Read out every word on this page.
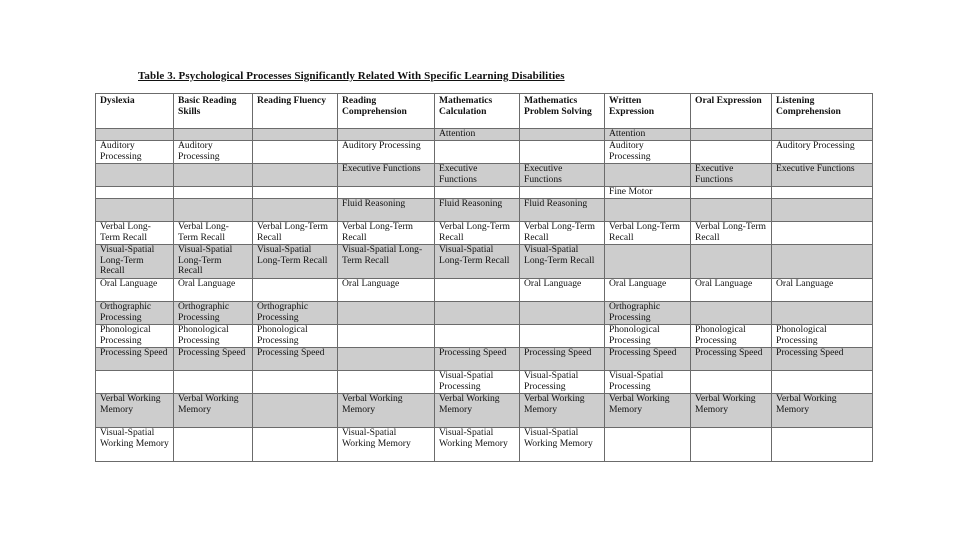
Table 3. Psychological Processes Significantly Related With Specific Learning Disabilities
Dyslexia	Basic Reading Skills	Reading Fluency	Reading Comprehension	Mathematics Calculation	Mathematics Problem Solving	Written Expression	Oral Expression	Listening Comprehension
				Attention		Attention		
Auditory Processing	Auditory Processing		Auditory Processing			Auditory Processing		Auditory Processing
			Executive Functions	Executive Functions	Executive Functions		Executive Functions	Executive Functions
						Fine Motor		
			Fluid Reasoning	Fluid Reasoning	Fluid Reasoning			
Verbal Long-Term Recall	Verbal Long-Term Recall	Verbal Long-Term Recall	Verbal Long-Term Recall	Verbal Long-Term Recall	Verbal Long-Term Recall	Verbal Long-Term Recall	Verbal Long-Term Recall	
Visual-Spatial Long-Term Recall	Visual-Spatial Long-Term Recall	Visual-Spatial Long-Term Recall	Visual-Spatial Long-Term Recall	Visual-Spatial Long-Term Recall	Visual-Spatial Long-Term Recall			
Oral Language	Oral Language		Oral Language		Oral Language	Oral Language	Oral Language	Oral Language
Orthographic Processing	Orthographic Processing	Orthographic Processing				Orthographic Processing		
Phonological Processing	Phonological Processing	Phonological Processing				Phonological Processing	Phonological Processing	Phonological Processing
Processing Speed	Processing Speed	Processing Speed		Processing Speed	Processing Speed	Processing Speed	Processing Speed	Processing Speed
				Visual-Spatial Processing	Visual-Spatial Processing	Visual-Spatial Processing		
Verbal Working Memory	Verbal Working Memory		Verbal Working Memory	Verbal Working Memory	Verbal Working Memory	Verbal Working Memory	Verbal Working Memory	Verbal Working Memory
Visual-Spatial Working Memory			Visual-Spatial Working Memory	Visual-Spatial Working Memory	Visual-Spatial Working Memory			
